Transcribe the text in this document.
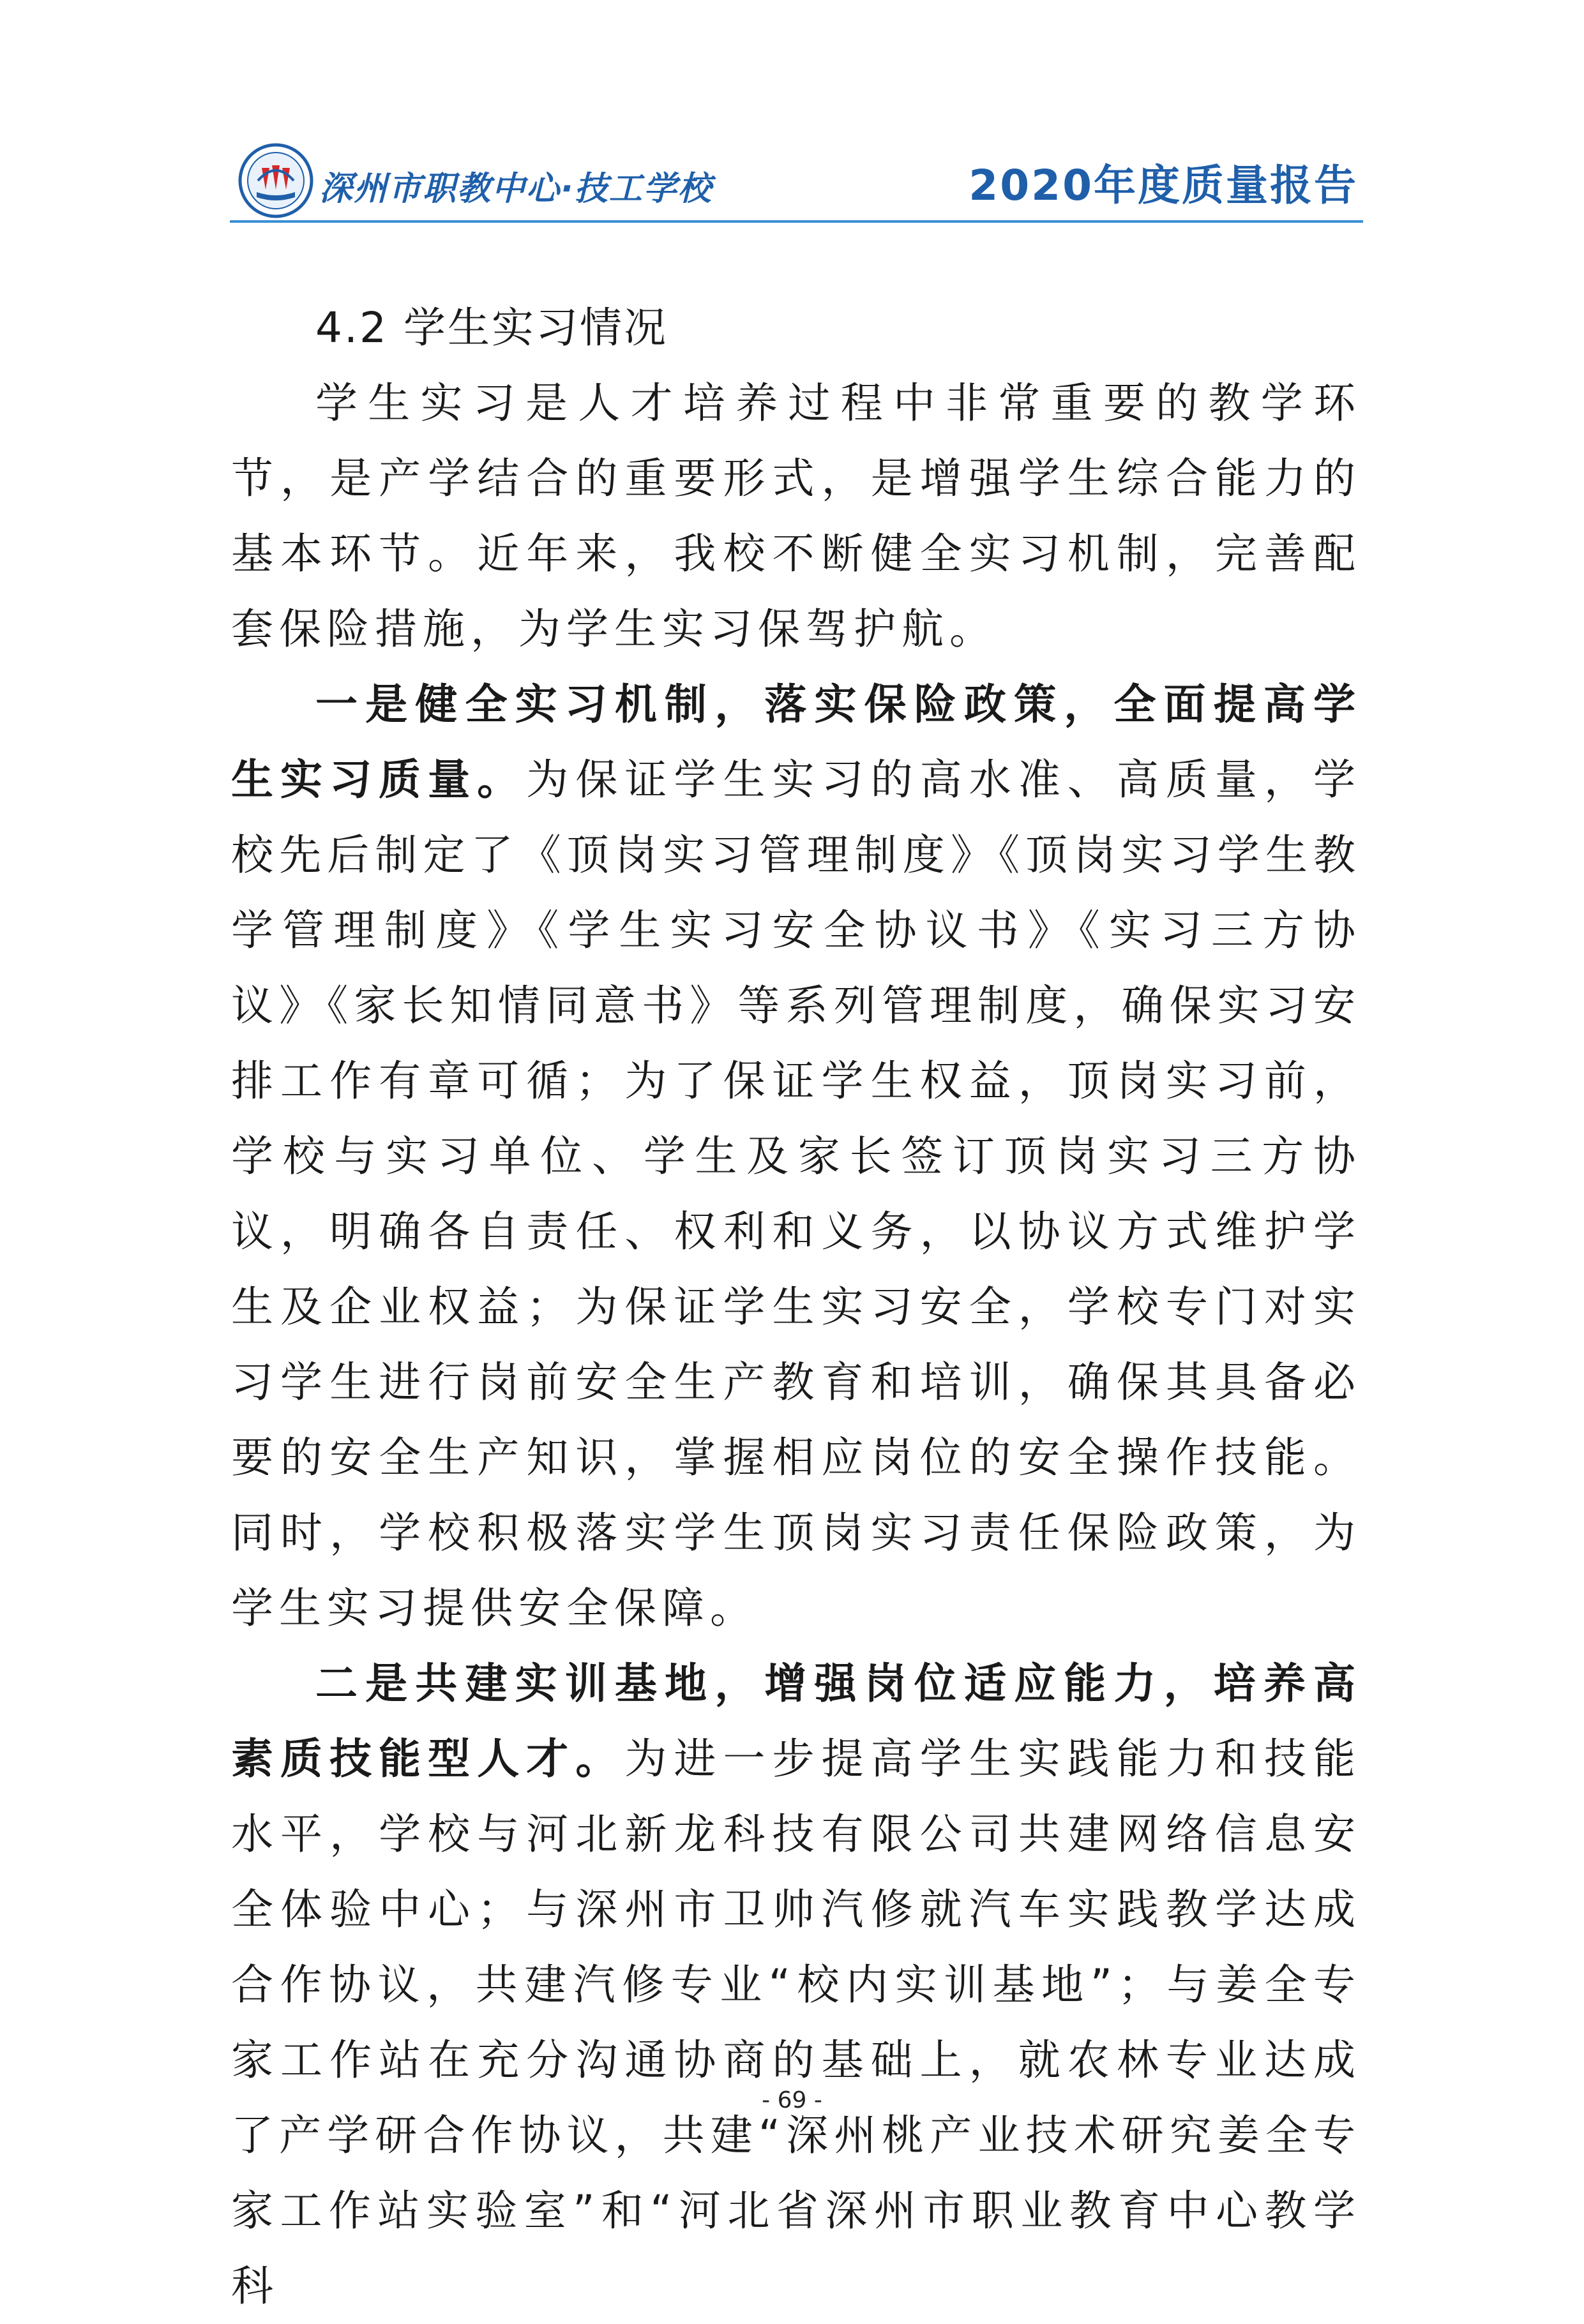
深州市职教中心·技工学校	2020年度质量报告
4.2 学生实习情况

学生实习是人才培养过程中非常重要的教学环节，是产学结合的重要形式，是增强学生综合能力的基本环节。近年来，我校不断健全实习机制，完善配套保险措施，为学生实习保驾护航。

一是健全实习机制，落实保险政策，全面提高学生实习质量。为保证学生实习的高水准、高质量，学校先后制定了《顶岗实习管理制度》《顶岗实习学生教学管理制度》《学生实习安全协议书》《实习三方协议》《家长知情同意书》等系列管理制度，确保实习安排工作有章可循；为了保证学生权益，顶岗实习前，学校与实习单位、学生及家长签订顶岗实习三方协议，明确各自责任、权利和义务，以协议方式维护学生及企业权益；为保证学生实习安全，学校专门对实习学生进行岗前安全生产教育和培训，确保其具备必要的安全生产知识，掌握相应岗位的安全操作技能。同时，学校积极落实学生顶岗实习责任保险政策，为学生实习提供安全保障。

二是共建实训基地，增强岗位适应能力，培养高素质技能型人才。为进一步提高学生实践能力和技能水平，学校与河北新龙科技有限公司共建网络信息安全体验中心；与深州市卫帅汽修就汽车实践教学达成合作协议，共建汽修专业“校内实训基地”；与姜全专家工作站在充分沟通协商的基础上，就农林专业达成了产学研合作协议，共建“深州桃产业技术研究姜全专家工作站实验室”和“河北省深州市职业教育中心教学科

- 69 -
